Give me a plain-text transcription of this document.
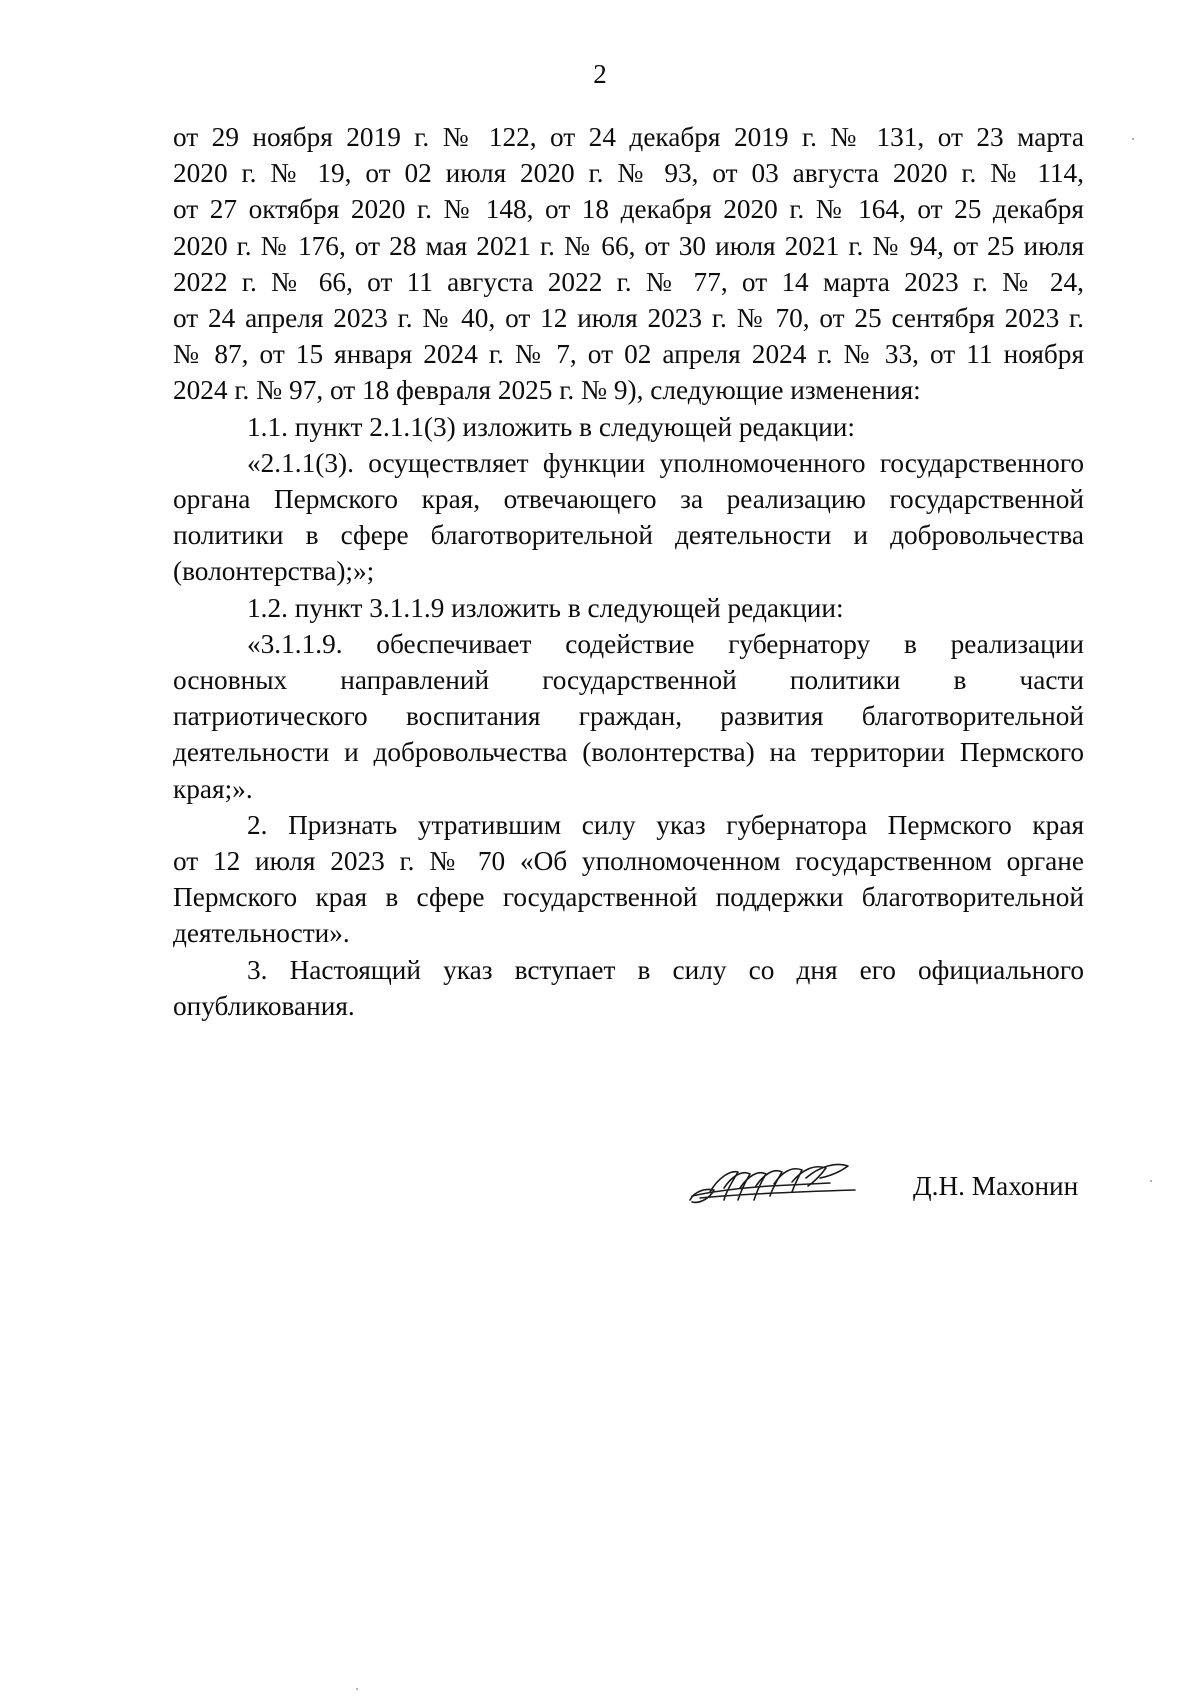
2
от 29 ноября 2019 г. № 122, от 24 декабря 2019 г. № 131, от 23 марта
2020 г. № 19, от 02 июля 2020 г. № 93, от 03 августа 2020 г. № 114,
от 27 октября 2020 г. № 148, от 18 декабря 2020 г. № 164, от 25 декабря
2020 г. № 176, от 28 мая 2021 г. № 66, от 30 июля 2021 г. № 94, от 25 июля
2022 г. № 66, от 11 августа 2022 г. № 77, от 14 марта 2023 г. № 24,
от 24 апреля 2023 г. № 40, от 12 июля 2023 г. № 70, от 25 сентября 2023 г.
№ 87, от 15 января 2024 г. № 7, от 02 апреля 2024 г. № 33, от 11 ноября
2024 г. № 97, от 18 февраля 2025 г. № 9), следующие изменения:
1.1. пункт 2.1.1(3) изложить в следующей редакции:
«2.1.1(3). осуществляет функции уполномоченного государственного
органа Пермского края, отвечающего за реализацию государственной
политики в сфере благотворительной деятельности и добровольчества
(волонтерства);»;
1.2. пункт 3.1.1.9 изложить в следующей редакции:
«3.1.1.9. обеспечивает содействие губернатору в реализации
основных направлений государственной политики в части
патриотического воспитания граждан, развития благотворительной
деятельности и добровольчества (волонтерства) на территории Пермского
края;».
2. Признать утратившим силу указ губернатора Пермского края
от 12 июля 2023 г. № 70 «Об уполномоченном государственном органе
Пермского края в сфере государственной поддержки благотворительной
деятельности».
3. Настоящий указ вступает в силу со дня его официального
опубликования.
Д.Н. Махонин
